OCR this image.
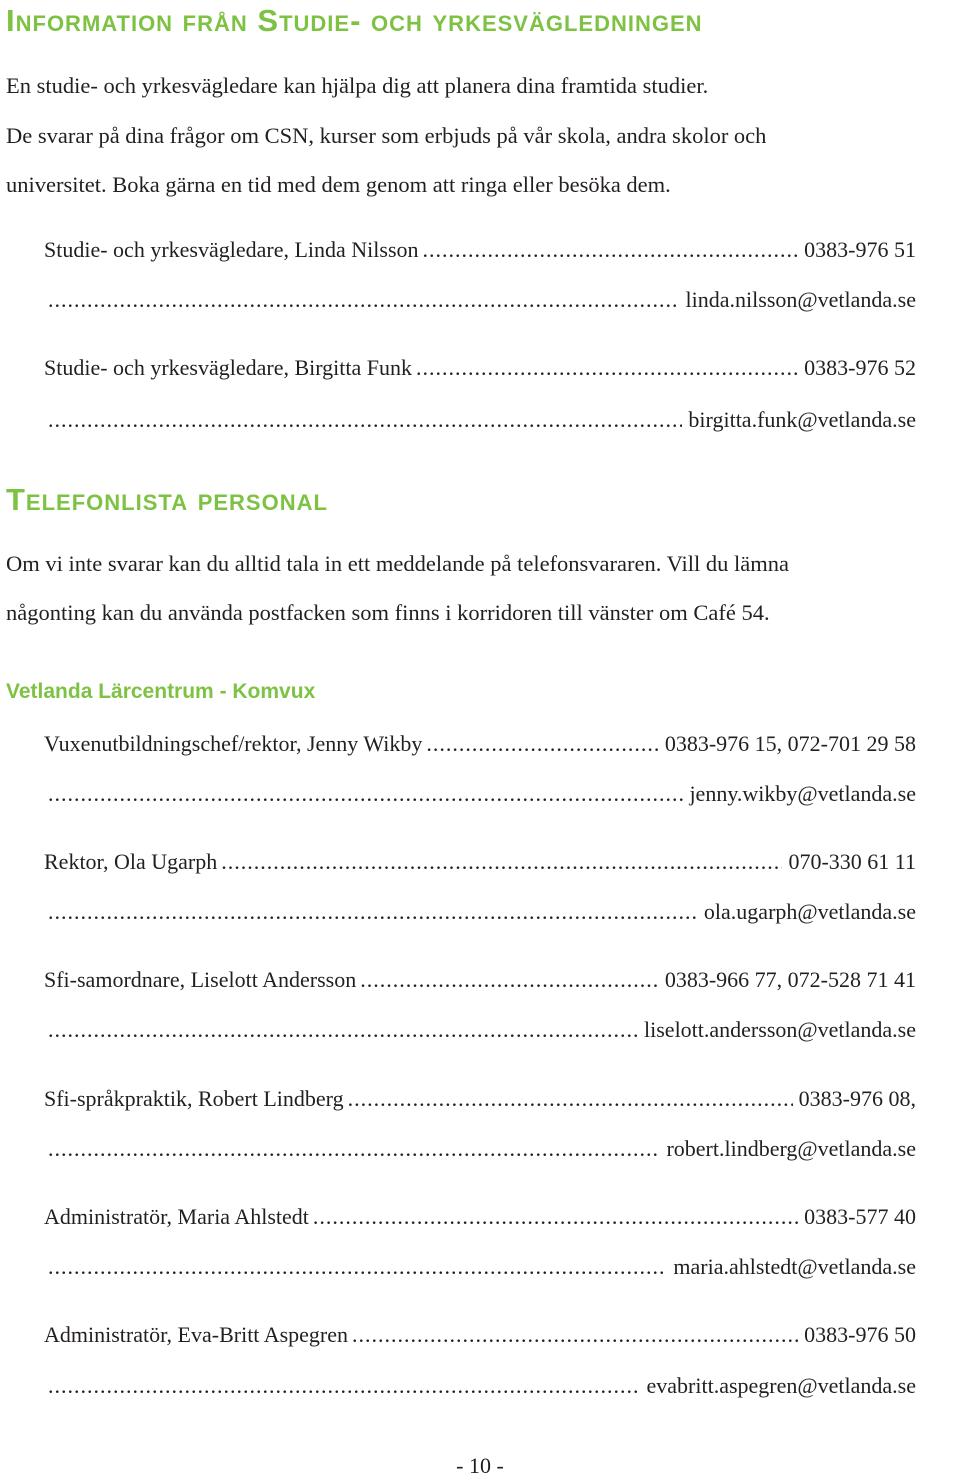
Information från Studie- och yrkesvägledningen

En studie- och yrkesvägledare kan hjälpa dig att planera dina framtida studier.

De svarar på dina frågor om CSN, kurser som erbjuds på vår skola, andra skolor och

universitet. Boka gärna en tid med dem genom att ringa eller besöka dem.

Studie- och yrkesvägledare, Linda Nilsson .....	0383-976 51
.....
linda.nilsson@vetlanda.se
Studie- och yrkesvägledare, Birgitta Funk .....	0383-976 52
.....
birgitta.funk@vetlanda.se
Telefonlista personal

Om vi inte svarar kan du alltid tala in ett meddelande på telefonsvararen. Vill du lämna

någonting kan du använda postfacken som finns i korridoren till vänster om Café 54.

Vetlanda Lärcentrum - Komvux
Vuxenutbildningschef/rektor, Jenny Wikby .....	0383-976 15, 072-701 29 58
.....
jenny.wikby@vetlanda.se
Rektor, Ola Ugarph .....	070-330 61 11
.....
ola.ugarph@vetlanda.se
Sfi-samordnare, Liselott Andersson .....	0383-966 77, 072-528 71 41
.....
liselott.andersson@vetlanda.se
Sfi-språkpraktik, Robert Lindberg .....	0383-976 08,
.....
robert.lindberg@vetlanda.se
Administratör, Maria Ahlstedt .....	0383-577 40
.....
maria.ahlstedt@vetlanda.se
Administratör, Eva-Britt Aspegren .....	0383-976 50
.....
evabritt.aspegren@vetlanda.se

- 10 -
